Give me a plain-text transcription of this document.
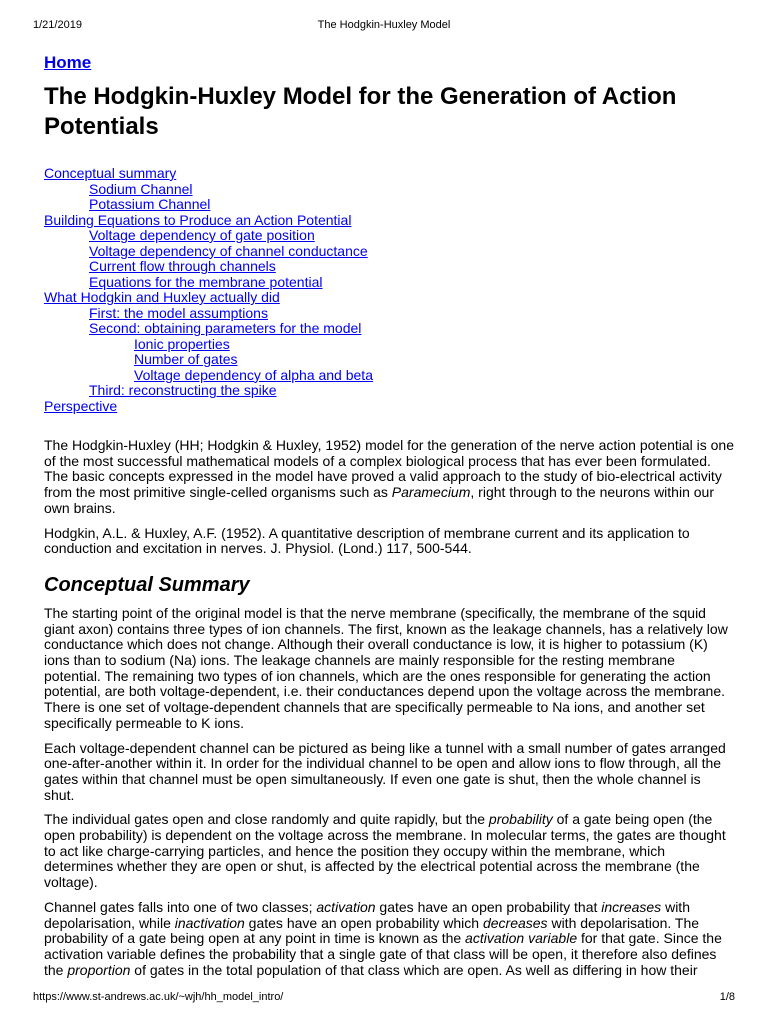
1/21/2019	The Hodgkin-Huxley Model
Home
The Hodgkin-Huxley Model for the Generation of Action Potentials
Conceptual summary
Sodium Channel
Potassium Channel
Building Equations to Produce an Action Potential
Voltage dependency of gate position
Voltage dependency of channel conductance
Current flow through channels
Equations for the membrane potential
What Hodgkin and Huxley actually did
First: the model assumptions
Second: obtaining parameters for the model
Ionic properties
Number of gates
Voltage dependency of alpha and beta
Third: reconstructing the spike
Perspective

The Hodgkin-Huxley (HH; Hodgkin & Huxley, 1952) model for the generation of the nerve action potential is one of the most successful mathematical models of a complex biological process that has ever been formulated. The basic concepts expressed in the model have proved a valid approach to the study of bio-electrical activity from the most primitive single-celled organisms such as Paramecium, right through to the neurons within our own brains.

Hodgkin, A.L. & Huxley, A.F. (1952). A quantitative description of membrane current and its application to conduction and excitation in nerves. J. Physiol. (Lond.) 117, 500-544.

Conceptual Summary

The starting point of the original model is that the nerve membrane (specifically, the membrane of the squid giant axon) contains three types of ion channels. The first, known as the leakage channels, has a relatively low conductance which does not change. Although their overall conductance is low, it is higher to potassium (K) ions than to sodium (Na) ions. The leakage channels are mainly responsible for the resting membrane potential. The remaining two types of ion channels, which are the ones responsible for generating the action potential, are both voltage-dependent, i.e. their conductances depend upon the voltage across the membrane. There is one set of voltage-dependent channels that are specifically permeable to Na ions, and another set specifically permeable to K ions.

Each voltage-dependent channel can be pictured as being like a tunnel with a small number of gates arranged one-after-another within it. In order for the individual channel to be open and allow ions to flow through, all the gates within that channel must be open simultaneously. If even one gate is shut, then the whole channel is shut.

The individual gates open and close randomly and quite rapidly, but the probability of a gate being open (the open probability) is dependent on the voltage across the membrane. In molecular terms, the gates are thought to act like charge-carrying particles, and hence the position they occupy within the membrane, which determines whether they are open or shut, is affected by the electrical potential across the membrane (the voltage).

Channel gates falls into one of two classes; activation gates have an open probability that increases with depolarisation, while inactivation gates have an open probability which decreases with depolarisation. The probability of a gate being open at any point in time is known as the activation variable for that gate. Since the activation variable defines the probability that a single gate of that class will be open, it therefore also defines the proportion of gates in the total population of that class which are open. As well as differing in how their

https://www.st-andrews.ac.uk/~wjh/hh_model_intro/	1/8
